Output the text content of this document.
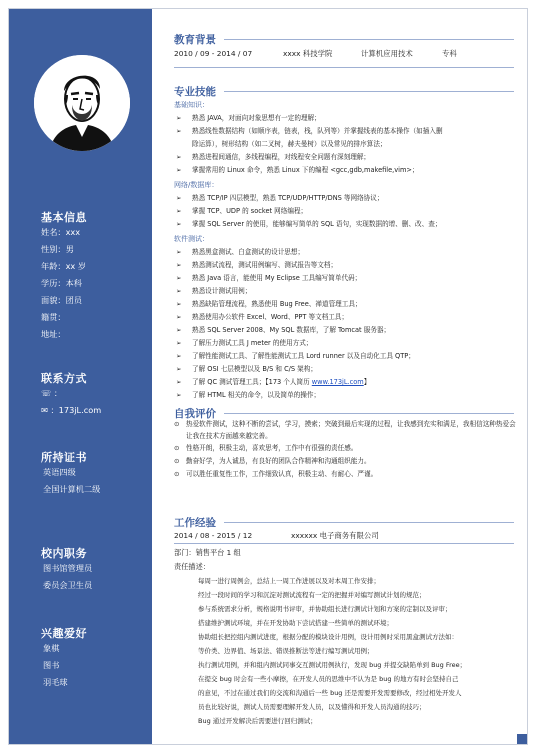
基本信息
姓名：xxx
性别：男
年龄：xx 岁
学历：本科
面貌：团员
籍贯：
地址：
联系方式
☏ ：
✉ ：173jL.com
所持证书
英语四级
全国计算机二级
校内职务
图书馆管理员
委员会卫生员
兴趣爱好
象棋
图书
羽毛球
教育背景
2010 / 09 - 2014 / 07	xxxx 科技学院	计算机应用技术	专科
专业技能
基础知识：
➢ 熟悉 JAVA，对面向对象思想有一定的理解；
➢ 熟悉线性数据结构（如顺序表，链表，栈，队列等）并掌握线表的基本操作（如插入删
除运算），树形结构（如二叉树，赫夫曼树）以及常见的排序算法；
➢ 熟悉进程间通信，多线程编程，对线程安全问题有深刻理解；
➢ 掌握常用的 Linux 命令，熟悉 Linux 下的编程 <gcc,gdb,makefile,vim>；
网络/数据库：
➢ 熟悉 TCP/IP 四层模型，熟悉 TCP/UDP/HTTP/DNS 等网络协议；
➢ 掌握 TCP、UDP 的 socket 网络编程；
➢ 掌握 SQL Server 的使用，能够编写简单的 SQL 语句，实现数据的增、删、改、查；
软件测试：
➢ 熟悉黑盒测试、白盒测试的设计思想；
➢ 熟悉测试流程，测试用例编写、测试报告等文档；
➢ 熟悉 Java 语言，能使用 My Eclipse 工具编写简单代码；
➢ 熟悉设计测试用例；
➢ 熟悉缺陷管理流程，熟悉使用 Bug Free、禅道管理工具；
➢ 熟悉使用办公软件 Excel、Word、PPT 等文档工具；
➢ 熟悉 SQL Server 2008、My SQL 数据库，了解 Tomcat 服务器；
➢ 了解压力测试工具 J meter 的使用方式；
➢ 了解性能测试工具、了解性能测试工具 Lord runner 以及自动化工具 QTP；
➢ 了解 OSI 七层模型以及 B/S 和 C/S 架构；
➢ 了解 QC 测试管理工具；【173 个人简历 www.173jL.com】
➢ 了解 HTML 相关的命令，以及简单的操作；
自我评价
⊙ 热爱软件测试，这种不断的尝试，学习，摸索；突破到最后实现的过程，让我感到充实和满足，我相信这种热爱会让我在技术方面越来越完善。
⊙ 性格开朗，积极主动，喜欢思考，工作中有很强的责任感。
⊙ 勤奋好学，为人诚恳，有良好的团队合作精神和沟通组织能力。
⊙ 可以胜任重复性工作，工作细致认真，积极主动、有耐心、严谨。
工作经验
2014 / 08 - 2015 / 12	xxxxxx 电子商务有限公司
部门：销售平台 1 组
责任描述：
每周一进行周例会，总结上一周工作进展以及对本周工作安排；
经过一段时间的学习和沉淀对测试流程有一定的把握并对编写测试计划的规范；
参与系统需求分析，规格说明书评审，并协助组长进行测试计划和方案的定制以及评审；
搭建维护测试环境，并在开发协助下尝试搭建一些简单的测试环境；
协助组长把控组内测试进度，根据分配的模块设计用例，设计用例时采用黑盒测试方法如：
等价类、边界值、场景法、错误推断法等进行编写测试用例；
执行测试用例，并和组内测试同事交互测试用例执行，发现 bug 并提交缺陷单到 Bug Free；
在提交 bug 时会有一些小摩擦，在开发人员的思维中不认为是 bug 的地方有时会坚持自己
的意见，不过在通过我们的交流和沟通后一些 bug 还是需要开发需要修改，经过相处开发人
员也比较好说，测试人员需要理解开发人员，以及懂得和开发人员沟通的技巧；
Bug 通过开发解决后需要进行回归测试；
